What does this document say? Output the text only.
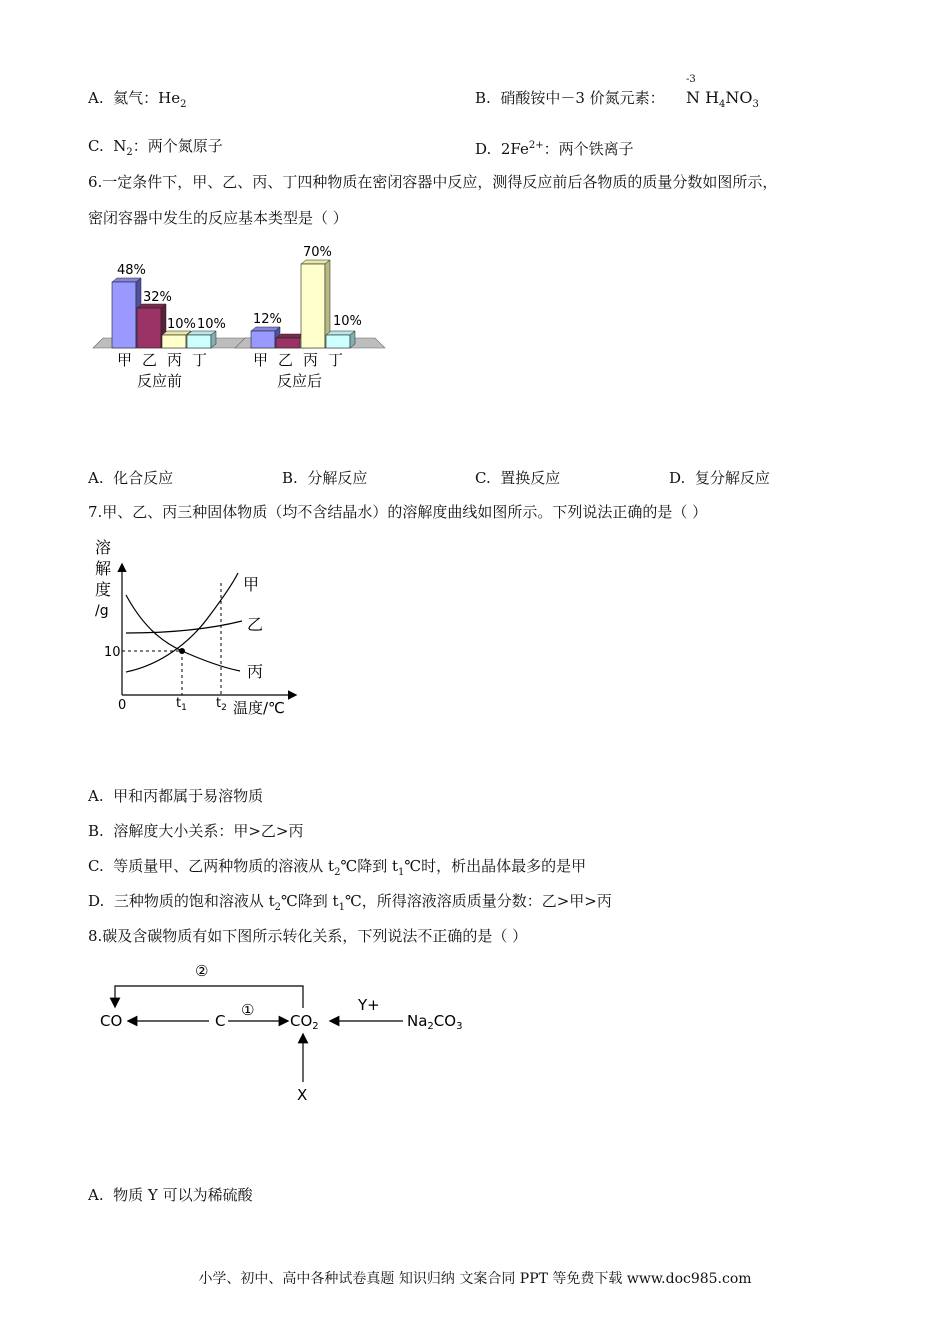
A. 氦气：$He_2$	B. 硝酸铵中－3 价氮元素：
-3
N $H_4NO_3$
C. $N_2$：两个氮原子	D. $2Fe^{2+}$：两个铁离子
6.一定条件下，甲、乙、丙、丁四种物质在密闭容器中反应，测得反应前后各物质的质量分数如图所示，
密闭容器中发生的反应基本类型是（ ）
48%
32%
10% 10% 12%
70%
10%
甲 乙 丙 丁	甲 乙 丙 丁
反应前	反应后
A. 化合反应	B. 分解反应	C. 置换反应	D. 复分解反应
7.甲、乙、丙三种固体物质（均不含结晶水）的溶解度曲线如图所示。下列说法正确的是（ ）
溶
解
度
/g
10
0
甲
乙
丙
$t_1$ $t_2$ 温度/℃
A. 甲和丙都属于易溶物质
B. 溶解度大小关系：甲>乙>丙
C. 等质量甲、乙两种物质的溶液从 $t_2℃$降到 $t_1℃$时，析出晶体最多的是甲
D. 三种物质的饱和溶液从 $t_2℃$降到 $t_1℃$，所得溶液溶质质量分数：乙>甲>丙
8.碳及含碳物质有如下图所示转化关系，下列说法不正确的是（ ）
CO	C	$CO_2$	$Na_2CO_3$
①
②
Y+
X
A. 物质 Y 可以为稀硫酸
小学、初中、高中各种试卷真题 知识归纳 文案合同 PPT 等免费下载 www.doc985.com
